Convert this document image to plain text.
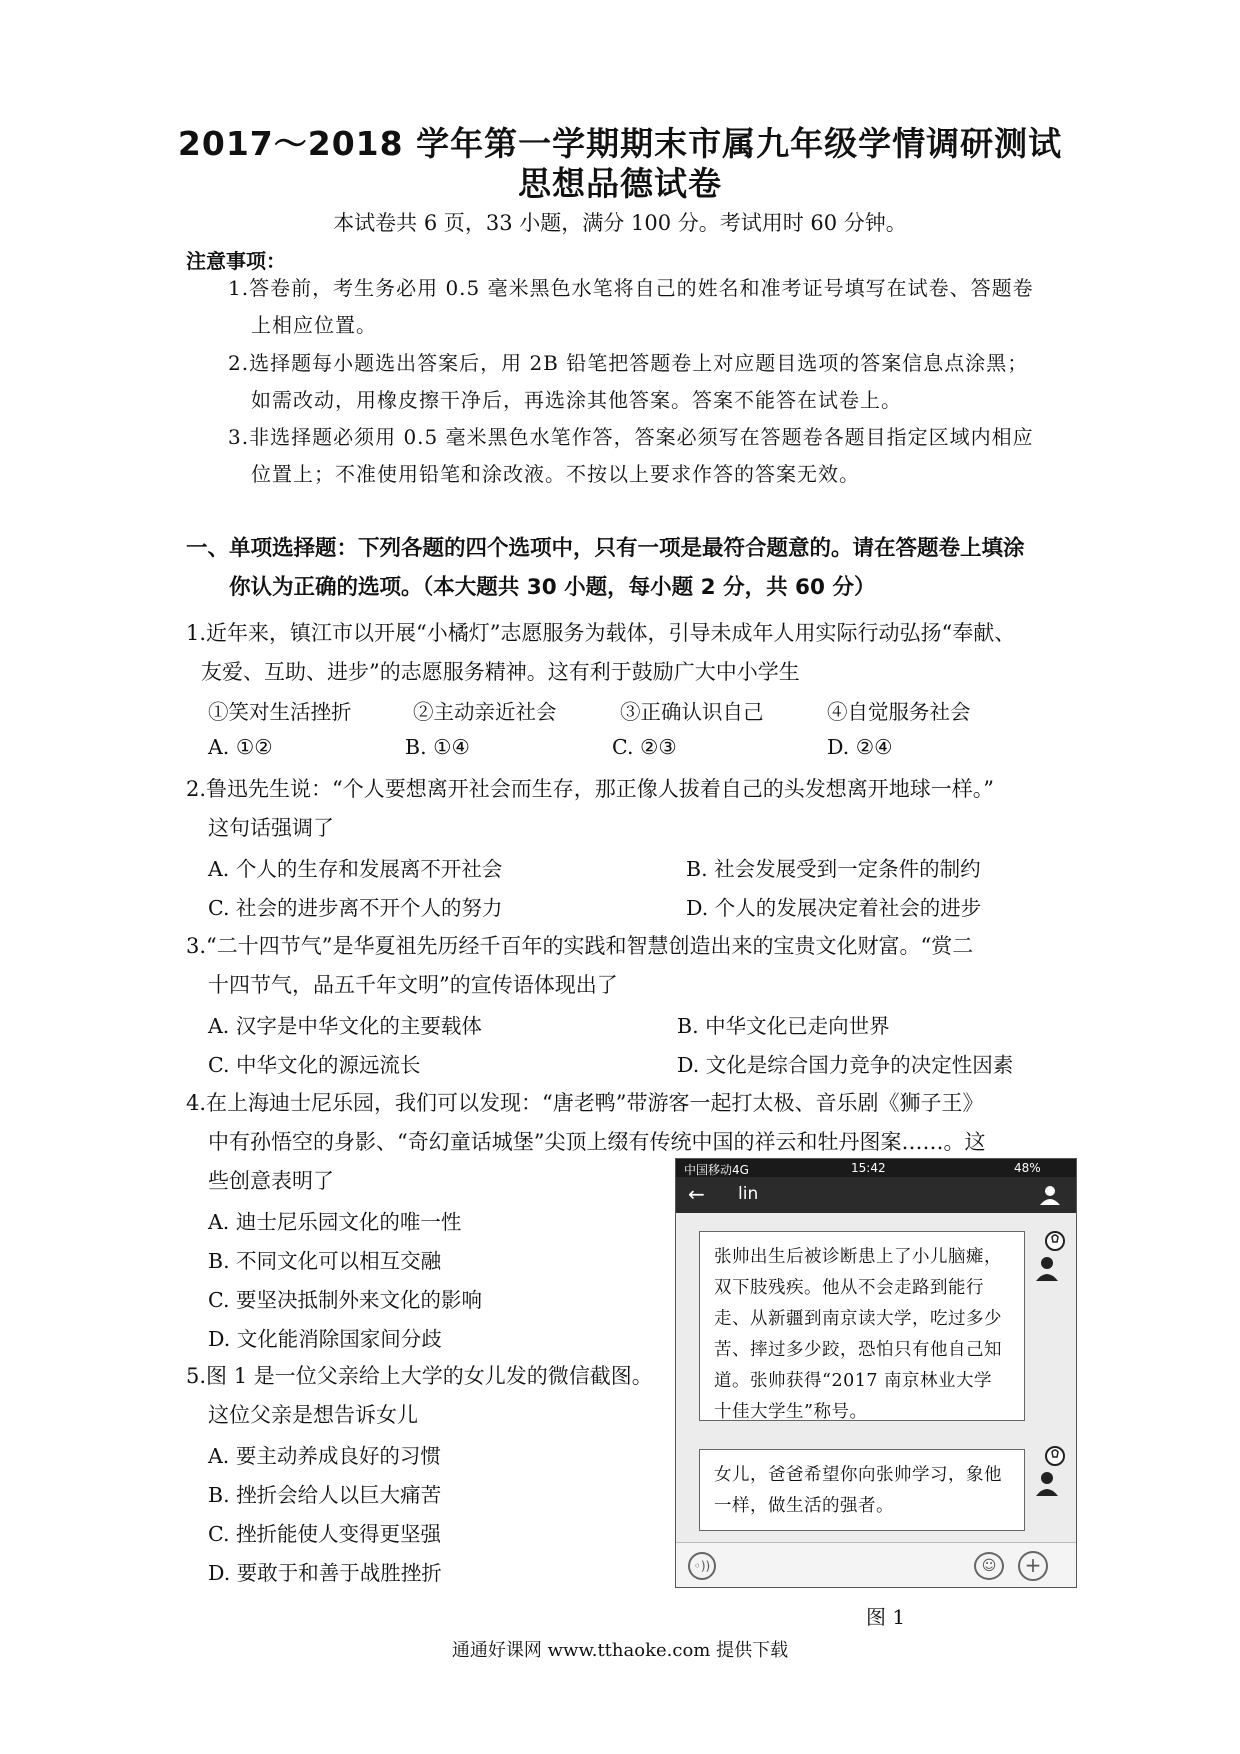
2017～2018 学年第一学期期末市属九年级学情调研测试
思想品德试卷
本试卷共 6 页，33 小题，满分 100 分。考试用时 60 分钟。
注意事项：
1.答卷前，考生务必用 0.5 毫米黑色水笔将自己的姓名和准考证号填写在试卷、答题卷
上相应位置。
2.选择题每小题选出答案后，用 2B 铅笔把答题卷上对应题目选项的答案信息点涂黑；
如需改动，用橡皮擦干净后，再选涂其他答案。答案不能答在试卷上。
3.非选择题必须用 0.5 毫米黑色水笔作答，答案必须写在答题卷各题目指定区域内相应
位置上；不准使用铅笔和涂改液。不按以上要求作答的答案无效。
一、单项选择题：下列各题的四个选项中，只有一项是最符合题意的。请在答题卷上填涂
你认为正确的选项。（本大题共 30 小题，每小题 2 分，共 60 分）
1.近年来，镇江市以开展“小橘灯”志愿服务为载体，引导未成年人用实际行动弘扬“奉献、
友爱、互助、进步”的志愿服务精神。这有利于鼓励广大中小学生
①笑对生活挫折	②主动亲近社会	③正确认识自己	④自觉服务社会
A. ①②	B. ①④	C. ②③	D. ②④
2.鲁迅先生说：“个人要想离开社会而生存，那正像人拔着自己的头发想离开地球一样。”
这句话强调了
A. 个人的生存和发展离不开社会	B. 社会发展受到一定条件的制约
C. 社会的进步离不开个人的努力	D. 个人的发展决定着社会的进步
3.“二十四节气”是华夏祖先历经千百年的实践和智慧创造出来的宝贵文化财富。“赏二
十四节气，品五千年文明”的宣传语体现出了
A. 汉字是中华文化的主要载体	B. 中华文化已走向世界
C. 中华文化的源远流长	D. 文化是综合国力竞争的决定性因素
4.在上海迪士尼乐园，我们可以发现：“唐老鸭”带游客一起打太极、音乐剧《狮子王》
中有孙悟空的身影、“奇幻童话城堡”尖顶上缀有传统中国的祥云和牡丹图案……。这
些创意表明了
A. 迪士尼乐园文化的唯一性
B. 不同文化可以相互交融
C. 要坚决抵制外来文化的影响
D. 文化能消除国家间分歧
5.图 1 是一位父亲给上大学的女儿发的微信截图。
这位父亲是想告诉女儿
A. 要主动养成良好的习惯
B. 挫折会给人以巨大痛苦
C. 挫折能使人变得更坚强
D. 要敢于和善于战胜挫折
中国移动4G	15:42	48%
← lin
张帅出生后被诊断患上了小儿脑瘫，双下肢残疾。他从不会走路到能行走、从新疆到南京读大学，吃过多少苦、摔过多少跤，恐怕只有他自己知道。张帅获得“2017 南京林业大学十佳大学生”称号。
女儿，爸爸希望你向张帅学习，象他一样，做生活的强者。
◦))	☺	+
图 1
通通好课网 www.tthaoke.com 提供下载
